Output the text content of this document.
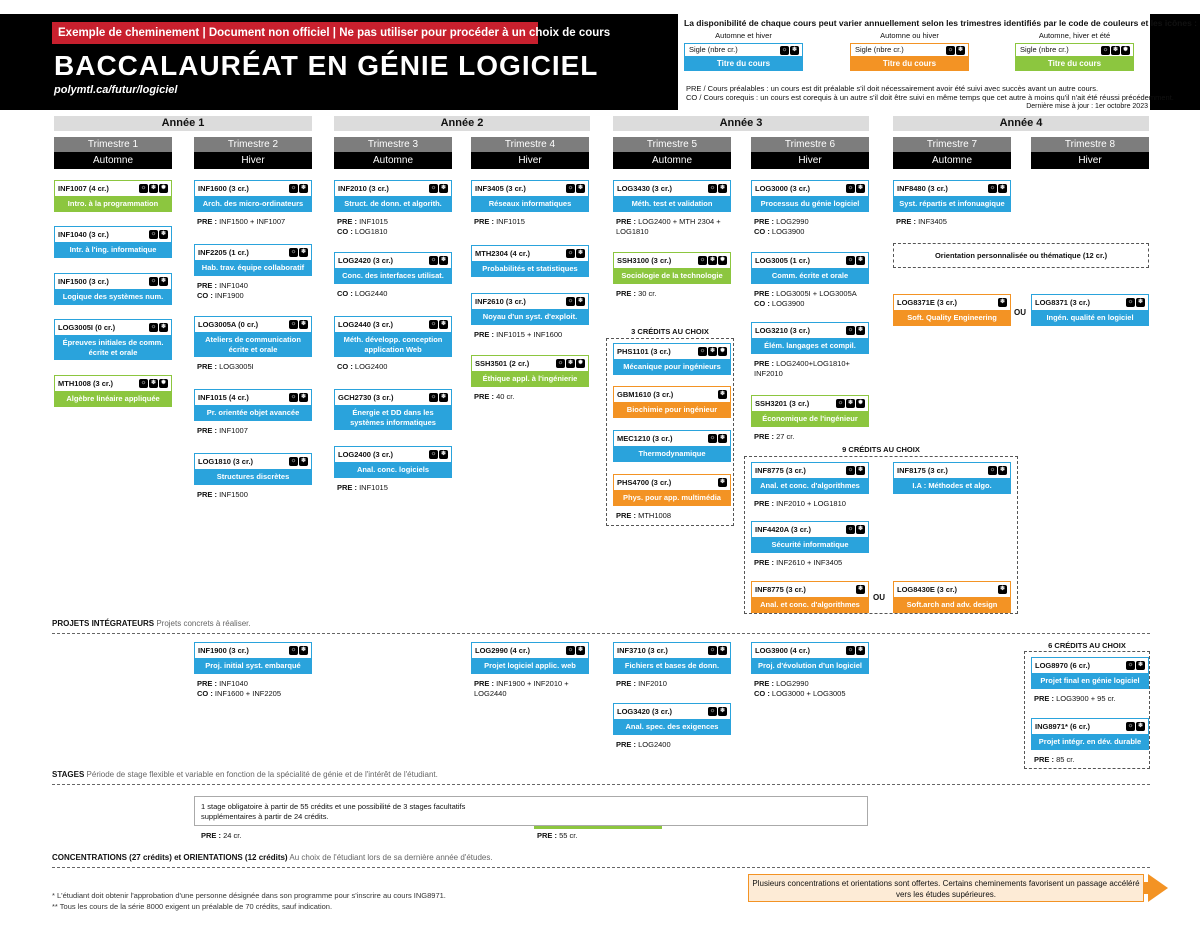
Exemple de cheminement | Document non officiel | Ne pas utiliser pour procéder à un choix de cours
BACCALAURÉAT EN GÉNIE LOGICIEL
polymtl.ca/futur/logiciel
La disponibilité de chaque cours peut varier annuellement selon les trimestres identifiés par le code de couleurs et les icônes :
Automne et hiver
Sigle (nbre cr.)	☼ ❄
Titre du cours
Automne ou hiver
Sigle (nbre cr.)	☼ ❄
Titre du cours
Automne, hiver et été
Sigle (nbre cr.)	☼ ❄ ✹
Titre du cours
PRE / Cours préalables : un cours est dit préalable s'il doit nécessairement avoir été suivi avec succès avant un autre cours.
CO / Cours corequis : un cours est corequis à un autre s'il doit être suivi en même temps que cet autre à moins qu'il n'ait été réussi précédemment.
Dernière mise à jour : 1er octobre 2023
Année 1	Année 2	Année 3	Année 4
Trimestre 1
Automne
Trimestre 2
Hiver
Trimestre 3
Automne
Trimestre 4
Hiver
Trimestre 5
Automne
Trimestre 6
Hiver
Trimestre 7
Automne
Trimestre 8
Hiver
INF1007 (4 cr.)	☼ ❄ ✹
Intro. à la programmation
INF1040 (3 cr.)	☼ ❄
Intr. à l'ing. informatique
INF1500 (3 cr.)	☼ ❄
Logique des systèmes num.
LOG3005I (0 cr.)	☼ ❄
Épreuves initiales de comm. écrite et orale
MTH1008 (3 cr.)	☼ ❄ ✹
Algèbre linéaire appliquée
INF1600 (3 cr.)	☼ ❄
Arch. des micro-ordinateurs
INF2205 (1 cr.)	☼ ❄
Hab. trav. équipe collaboratif
LOG3005A (0 cr.)	☼ ❄
Ateliers de communication écrite et orale
INF1015 (4 cr.)	☼ ❄
Pr. orientée objet avancée
LOG1810 (3 cr.)	☼ ❄
Structures discrètes
INF2010 (3 cr.)	☼ ❄
Struct. de donn. et algorith.
LOG2420 (3 cr.)	☼ ❄
Conc. des interfaces utilisat.
LOG2440 (3 cr.)	☼ ❄
Méth. développ. conception application Web
GCH2730 (3 cr.)	☼ ❄
Énergie et DD dans les systèmes informatiques
LOG2400 (3 cr.)	☼ ❄
Anal. conc. logiciels
INF3405 (3 cr.)	☼ ❄
Réseaux informatiques
MTH2304 (4 cr.)	☼ ❄
Probabilités et statistiques
INF2610 (3 cr.)	☼ ❄
Noyau d'un syst. d'exploit.
SSH3501 (2 cr.)	☼ ❄ ✹
Éthique appl. à l'ingénierie
LOG3430 (3 cr.)	☼ ❄
Méth. test et validation
SSH3100 (3 cr.)	☼ ❄ ✹
Sociologie de la technologie
PHS1101 (3 cr.)	☼ ❄ ✹
Mécanique pour ingénieurs
GBM1610 (3 cr.)	❄
Biochimie pour ingénieur
MEC1210 (3 cr.)	☼ ❄
Thermodynamique
PHS4700 (3 cr.)	❄
Phys. pour app. multimédia
LOG3000 (3 cr.)	☼ ❄
Processus du génie logiciel
LOG3005 (1 cr.)	☼ ❄
Comm. écrite et orale
LOG3210 (3 cr.)	☼ ❄
Élém. langages et compil.
SSH3201 (3 cr.)	☼ ❄ ✹
Économique de l'ingénieur
INF8775 (3 cr.)	☼ ❄
Anal. et conc. d'algorithmes
INF4420A (3 cr.)	☼ ❄
Sécurité informatique
INF8775 (3 cr.)	❄
Anal. et conc. d'algorithmes
INF8480 (3 cr.)	☼ ❄
Syst. répartis et infonuagique
INF8175 (3 cr.)	☼ ❄
I.A : Méthodes et algo.
LOG8430E (3 cr.)	❄
Soft.arch and adv. design
LOG8371E (3 cr.)	❄
Soft. Quality Engineering
LOG8371 (3 cr.)	☼ ❄
Ingén. qualité en logiciel
INF1900 (3 cr.)	☼ ❄
Proj. initial syst. embarqué
LOG2990 (4 cr.)	☼ ❄
Projet logiciel applic. web
INF3710 (3 cr.)	☼ ❄
Fichiers et bases de donn.
LOG3420 (3 cr.)	☼ ❄
Anal. spec. des exigences
LOG3900 (4 cr.)	☼ ❄
Proj. d'évolution d'un logiciel	LOG8970 (6 cr.)	☼ ❄
Projet final en génie logiciel
ING8971* (6 cr.)	☼ ❄
Projet intégr. en dév. durable
PRE : INF1500 + INF1007
PRE : INF1040
CO : INF1900
PRE : LOG3005I
PRE : INF1007
PRE : INF1500
PRE : INF1015
CO : LOG1810
CO : LOG2440
CO : LOG2400
PRE : INF1015
PRE : INF1015
PRE : INF1015 + INF1600
PRE : 40 cr.
PRE : LOG2400 + MTH 2304 + LOG1810
PRE : 30 cr.
PRE : MTH1008
PRE : LOG2990
CO : LOG3900
PRE : LOG3005I + LOG3005A
CO : LOG3900
PRE : LOG2400+LOG1810+ INF2010
PRE : 27 cr.
PRE : INF2010 + LOG1810
PRE : INF2610 + INF3405
PRE : INF3405
PRE : INF1040
CO : INF1600 + INF2205
PRE : INF1900 + INF2010 + LOG2440
PRE : INF2010
PRE : LOG2400
PRE : LOG2990
CO : LOG3000 + LOG3005
PRE : LOG3900 + 95 cr.
PRE : 85 cr.
3 CRÉDITS AU CHOIX
9 CRÉDITS AU CHOIX
Orientation personnalisée ou thématique (12 cr.)
6 CRÉDITS AU CHOIX
OU
OU
PROJETS INTÉGRATEURS Projets concrets à réaliser.
STAGES Période de stage flexible et variable en fonction de la spécialité de génie et de l'intérêt de l'étudiant.
1 stage obligatoire à partir de 55 crédits et une possibilité de 3 stages facultatifs supplémentaires à partir de 24 crédits.
PRE : 24 cr.	PRE : 55 cr.
CONCENTRATIONS (27 crédits) et ORIENTATIONS (12 crédits) Au choix de l'étudiant lors de sa dernière année d'études.
* L'étudiant doit obtenir l'approbation d'une personne désignée dans son programme pour s'inscrire au cours ING8971.
** Tous les cours de la série 8000 exigent un préalable de 70 crédits, sauf indication.
Plusieurs concentrations et orientations sont offertes. Certains cheminements favorisent un passage accéléré vers les études supérieures.
